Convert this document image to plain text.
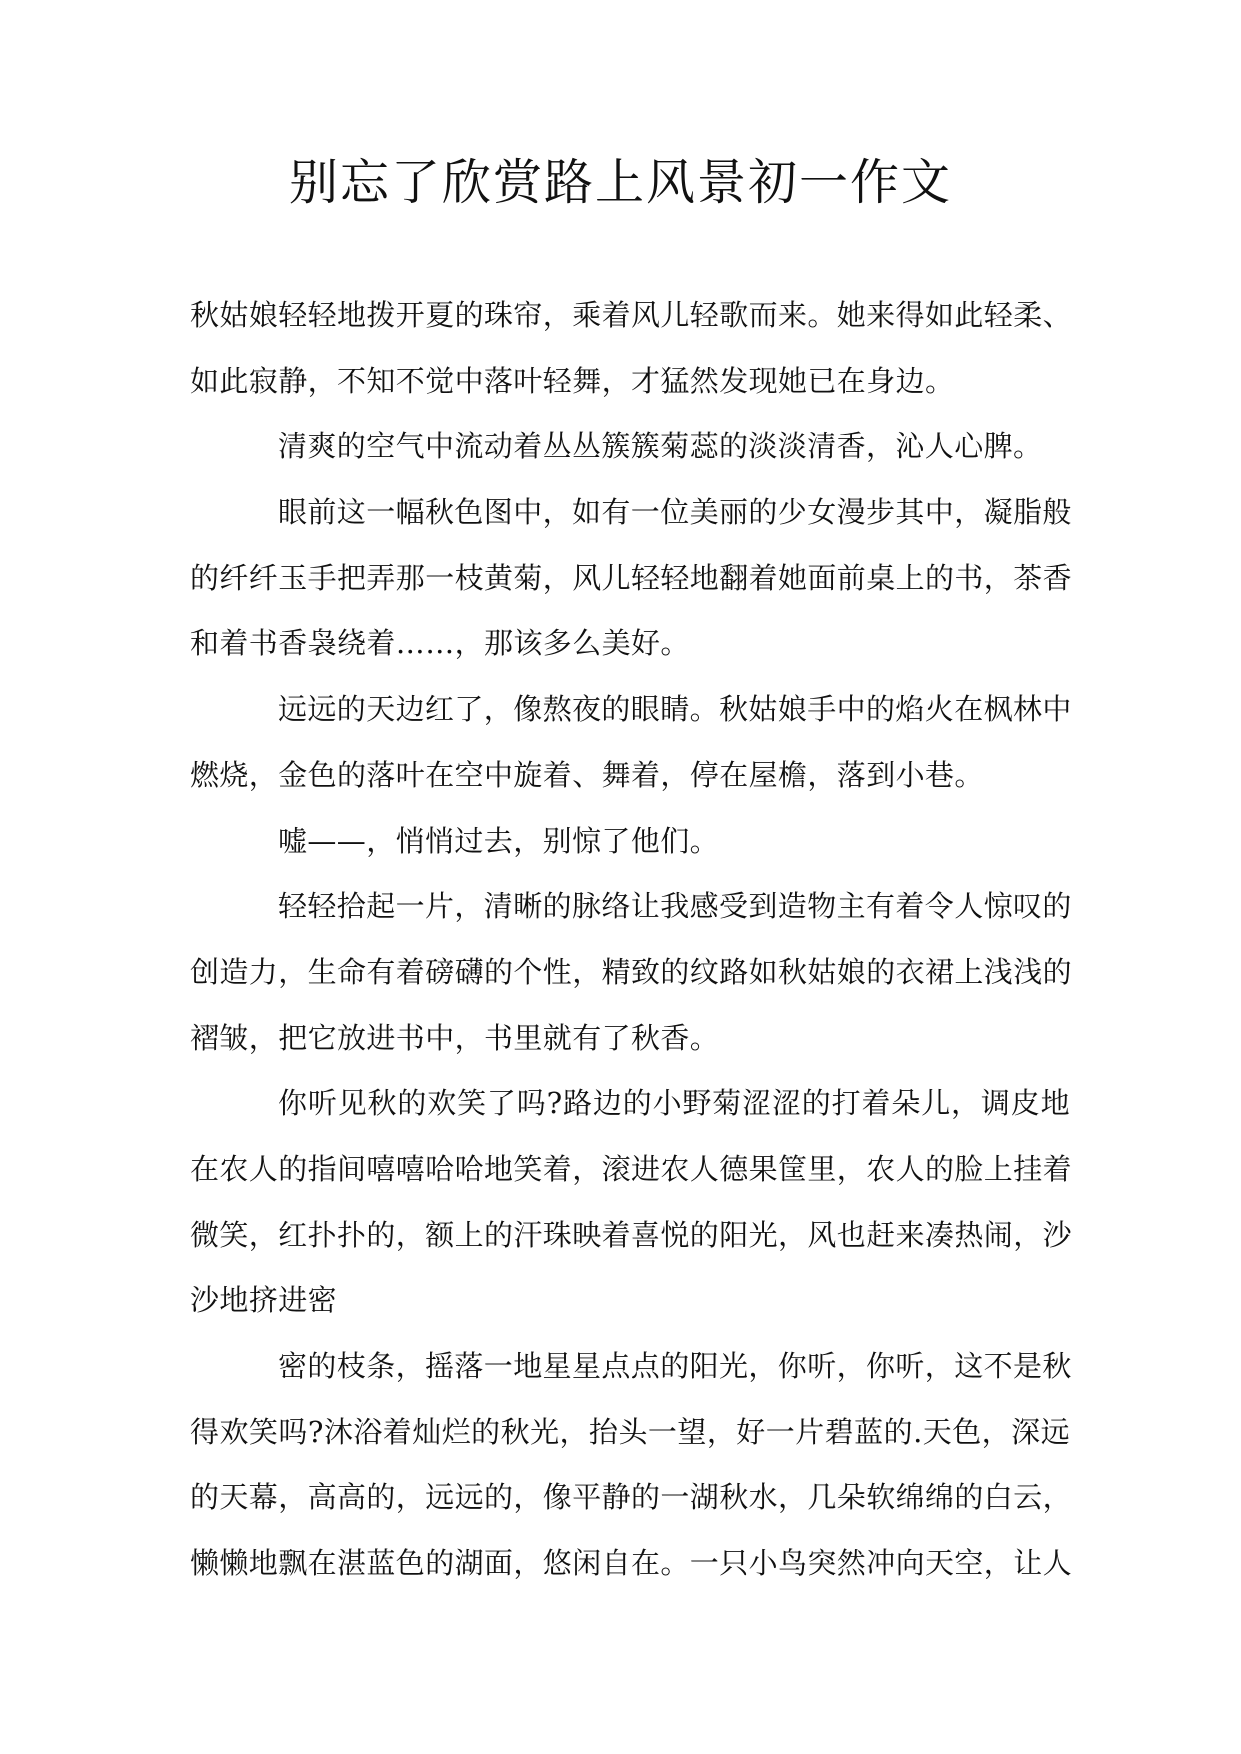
别忘了欣赏路上风景初一作文
秋姑娘轻轻地拨开夏的珠帘，乘着风儿轻歌而来。她来得如此轻柔、
如此寂静，不知不觉中落叶轻舞，才猛然发现她已在身边。
清爽的空气中流动着丛丛簇簇菊蕊的淡淡清香，沁人心脾。
眼前这一幅秋色图中，如有一位美丽的少女漫步其中，凝脂般
的纤纤玉手把弄那一枝黄菊，风儿轻轻地翻着她面前桌上的书，茶香
和着书香袅绕着……，那该多么美好。
远远的天边红了，像熬夜的眼睛。秋姑娘手中的焰火在枫林中
燃烧，金色的落叶在空中旋着、舞着，停在屋檐，落到小巷。
嘘——，悄悄过去，别惊了他们。
轻轻拾起一片，清晰的脉络让我感受到造物主有着令人惊叹的
创造力，生命有着磅礴的个性，精致的纹路如秋姑娘的衣裙上浅浅的
褶皱，把它放进书中，书里就有了秋香。
你听见秋的欢笑了吗?路边的小野菊涩涩的打着朵儿，调皮地
在农人的指间嘻嘻哈哈地笑着，滚进农人德果筐里，农人的脸上挂着
微笑，红扑扑的，额上的汗珠映着喜悦的阳光，风也赶来凑热闹，沙
沙地挤进密
密的枝条，摇落一地星星点点的阳光，你听，你听，这不是秋
得欢笑吗?沐浴着灿烂的秋光，抬头一望，好一片碧蓝的.天色，深远
的天幕，高高的，远远的，像平静的一湖秋水，几朵软绵绵的白云，
懒懒地飘在湛蓝色的湖面，悠闲自在。一只小鸟突然冲向天空，让人
